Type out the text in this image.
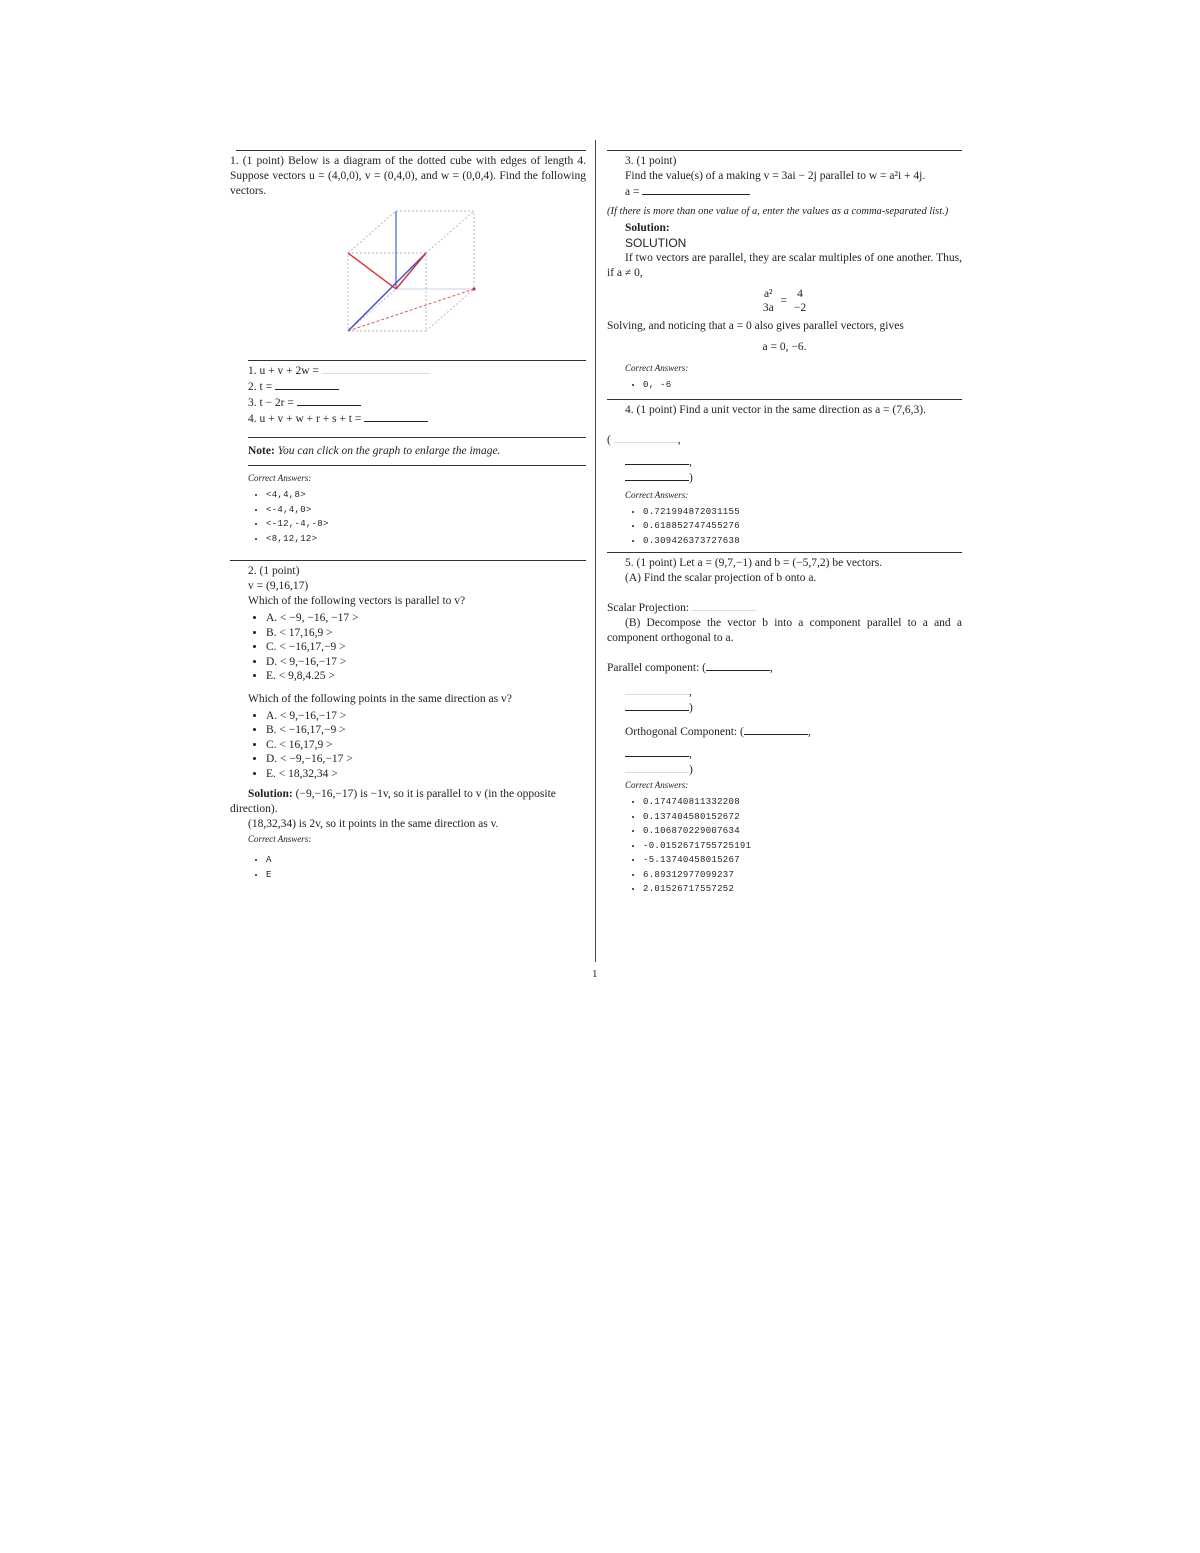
1. (1 point) Below is a diagram of the dotted cube with edges of length 4. Suppose vectors u = (4,0,0), v = (0,4,0), and w = (0,0,4). Find the following vectors.

1. u + v + 2w =

2. t =

3. t − 2r =

4. u + v + w + r + s + t =

Note: You can click on the graph to enlarge the image.

Correct Answers:

• <4,4,8>
• <-4,4,0>
• <-12,-4,-8>
• <8,12,12>

2. (1 point)

v = (9,16,17)

Which of the following vectors is parallel to v?

• A. < −9, −16, −17 >
• B. < 17,16,9 >
• C. < −16,17,−9 >
• D. < 9,−16,−17 >
• E. < 9,8,4.25 >

Which of the following points in the same direction as v?

• A. < 9,−16,−17 >
• B. < −16,17,−9 >
• C. < 16,17,9 >
• D. < −9,−16,−17 >
• E. < 18,32,34 >

Solution: (−9,−16,−17) is −1v, so it is parallel to v (in the opposite direction).

(18,32,34) is 2v, so it points in the same direction as v.

Correct Answers:

• A
• E

3. (1 point)

Find the value(s) of a making v = 3ai − 2j parallel to w = a²i + 4j.

a =

(If there is more than one value of a, enter the values as a comma-separated list.)

Solution:

SOLUTION

If two vectors are parallel, they are scalar multiples of one another. Thus, if a ≠ 0,

a²
3a
=
4
−2

Solving, and noticing that a = 0 also gives parallel vectors, gives

a = 0, −6.

Correct Answers:

• 0, -6

4. (1 point) Find a unit vector in the same direction as a = (7,6,3).

(	,

,

)

Correct Answers:

• 0.721994872031155
• 0.618852747455276
• 0.309426373727638

5. (1 point) Let a = (9,7,−1) and b = (−5,7,2) be vectors.

(A) Find the scalar projection of b onto a.

Scalar Projection:

(B) Decompose the vector b into a component parallel to a and a component orthogonal to a.

Parallel component: (	,

,

)

Orthogonal Component: (	,

,

)

Correct Answers:

• 0.174740811332208
• 0.137404580152672
• 0.106870229007634
• -0.0152671755725191
• -5.13740458015267
• 6.89312977099237
• 2.01526717557252
1
